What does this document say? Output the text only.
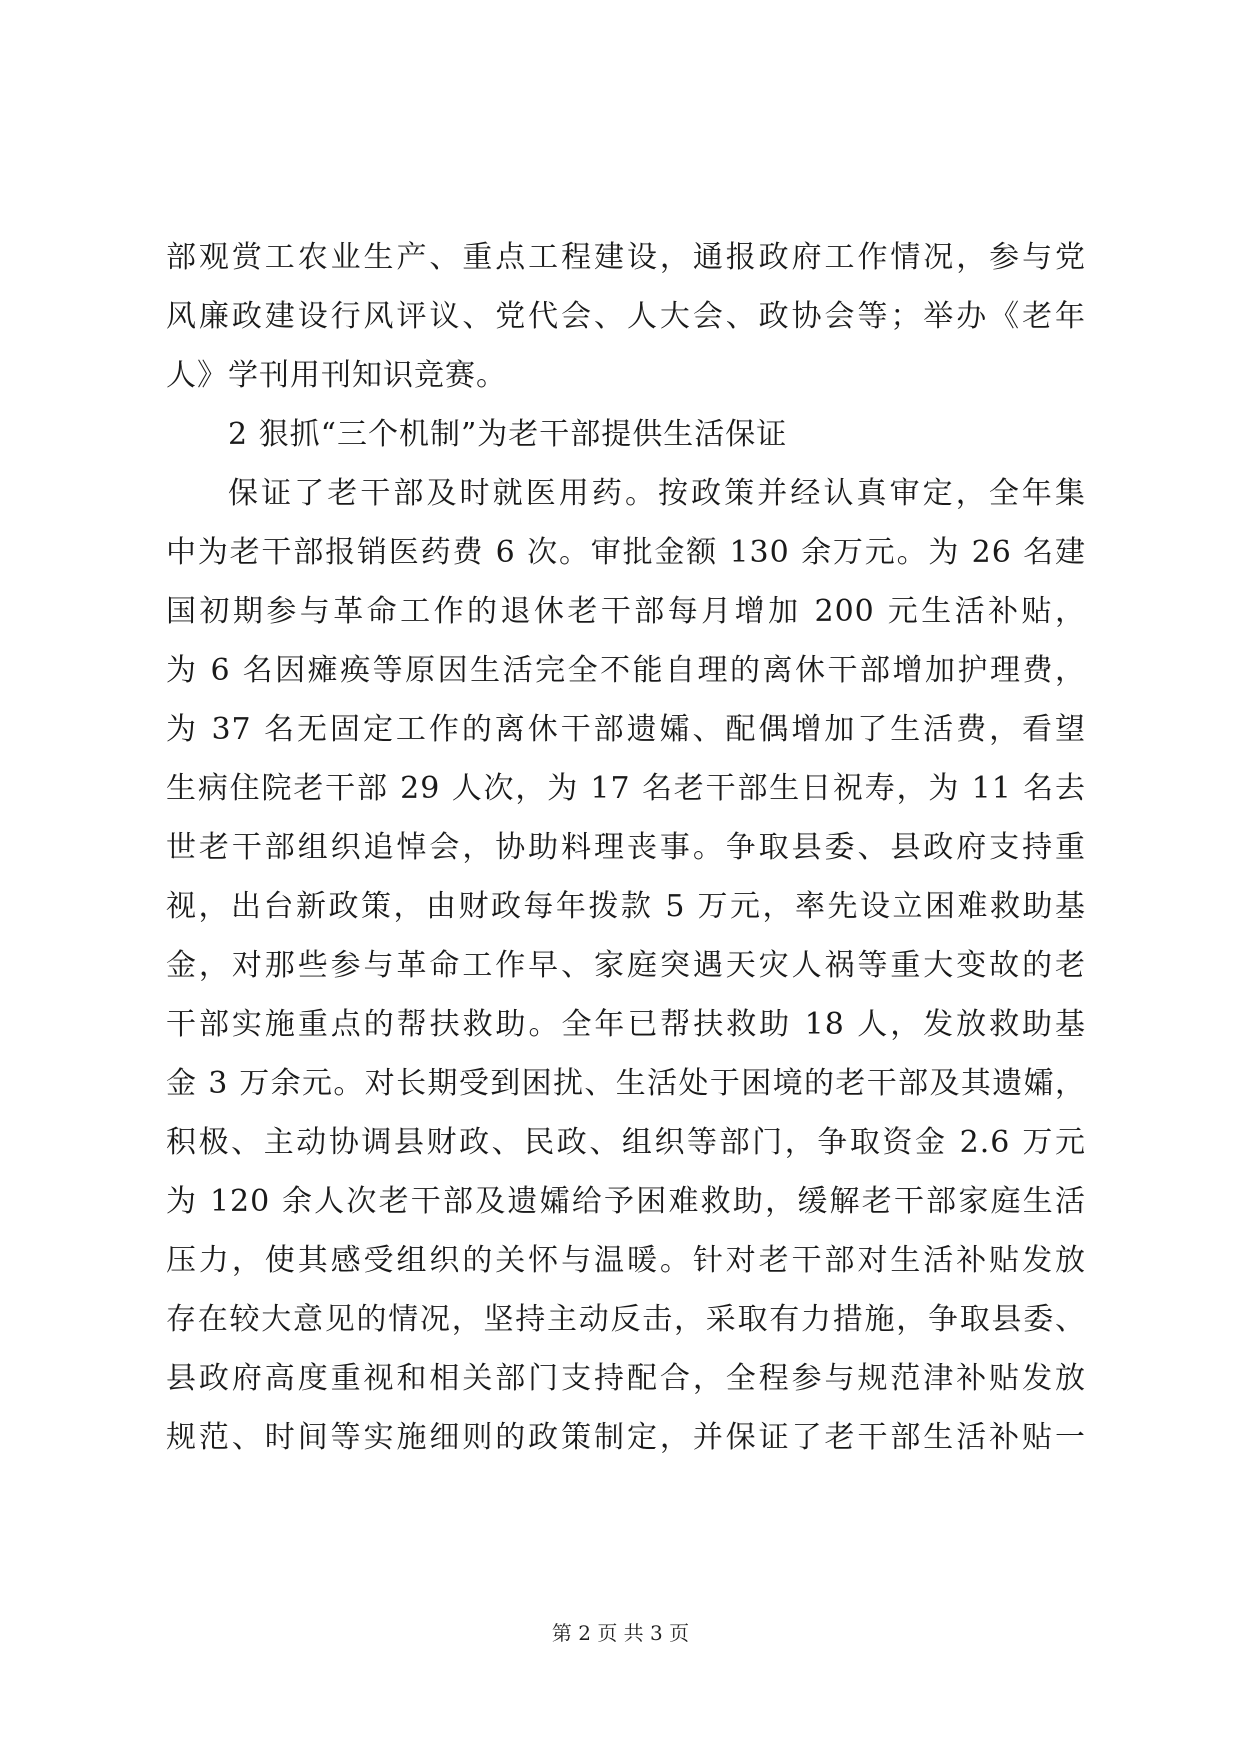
部观赏工农业生产、重点工程建设，通报政府工作情况，参与党
风廉政建设行风评议、党代会、人大会、政协会等；举办《老年
人》学刊用刊知识竞赛。
2 狠抓“三个机制”为老干部提供生活保证
保证了老干部及时就医用药。按政策并经认真审定，全年集
中为老干部报销医药费 6 次。审批金额 130 余万元。为 26 名建
国初期参与革命工作的退休老干部每月增加 200 元生活补贴，
为 6 名因瘫痪等原因生活完全不能自理的离休干部增加护理费，
为 37 名无固定工作的离休干部遗孀、配偶增加了生活费，看望
生病住院老干部 29 人次，为 17 名老干部生日祝寿，为 11 名去
世老干部组织追悼会，协助料理丧事。争取县委、县政府支持重
视，出台新政策，由财政每年拨款 5 万元，率先设立困难救助基
金，对那些参与革命工作早、家庭突遇天灾人祸等重大变故的老
干部实施重点的帮扶救助。全年已帮扶救助 18 人，发放救助基
金 3 万余元。对长期受到困扰、生活处于困境的老干部及其遗孀，
积极、主动协调县财政、民政、组织等部门，争取资金 2.6 万元
为 120 余人次老干部及遗孀给予困难救助，缓解老干部家庭生活
压力，使其感受组织的关怀与温暖。针对老干部对生活补贴发放
存在较大意见的情况，坚持主动反击，采取有力措施，争取县委、
县政府高度重视和相关部门支持配合，全程参与规范津补贴发放
规范、时间等实施细则的政策制定，并保证了老干部生活补贴一
第 2 页 共 3 页
